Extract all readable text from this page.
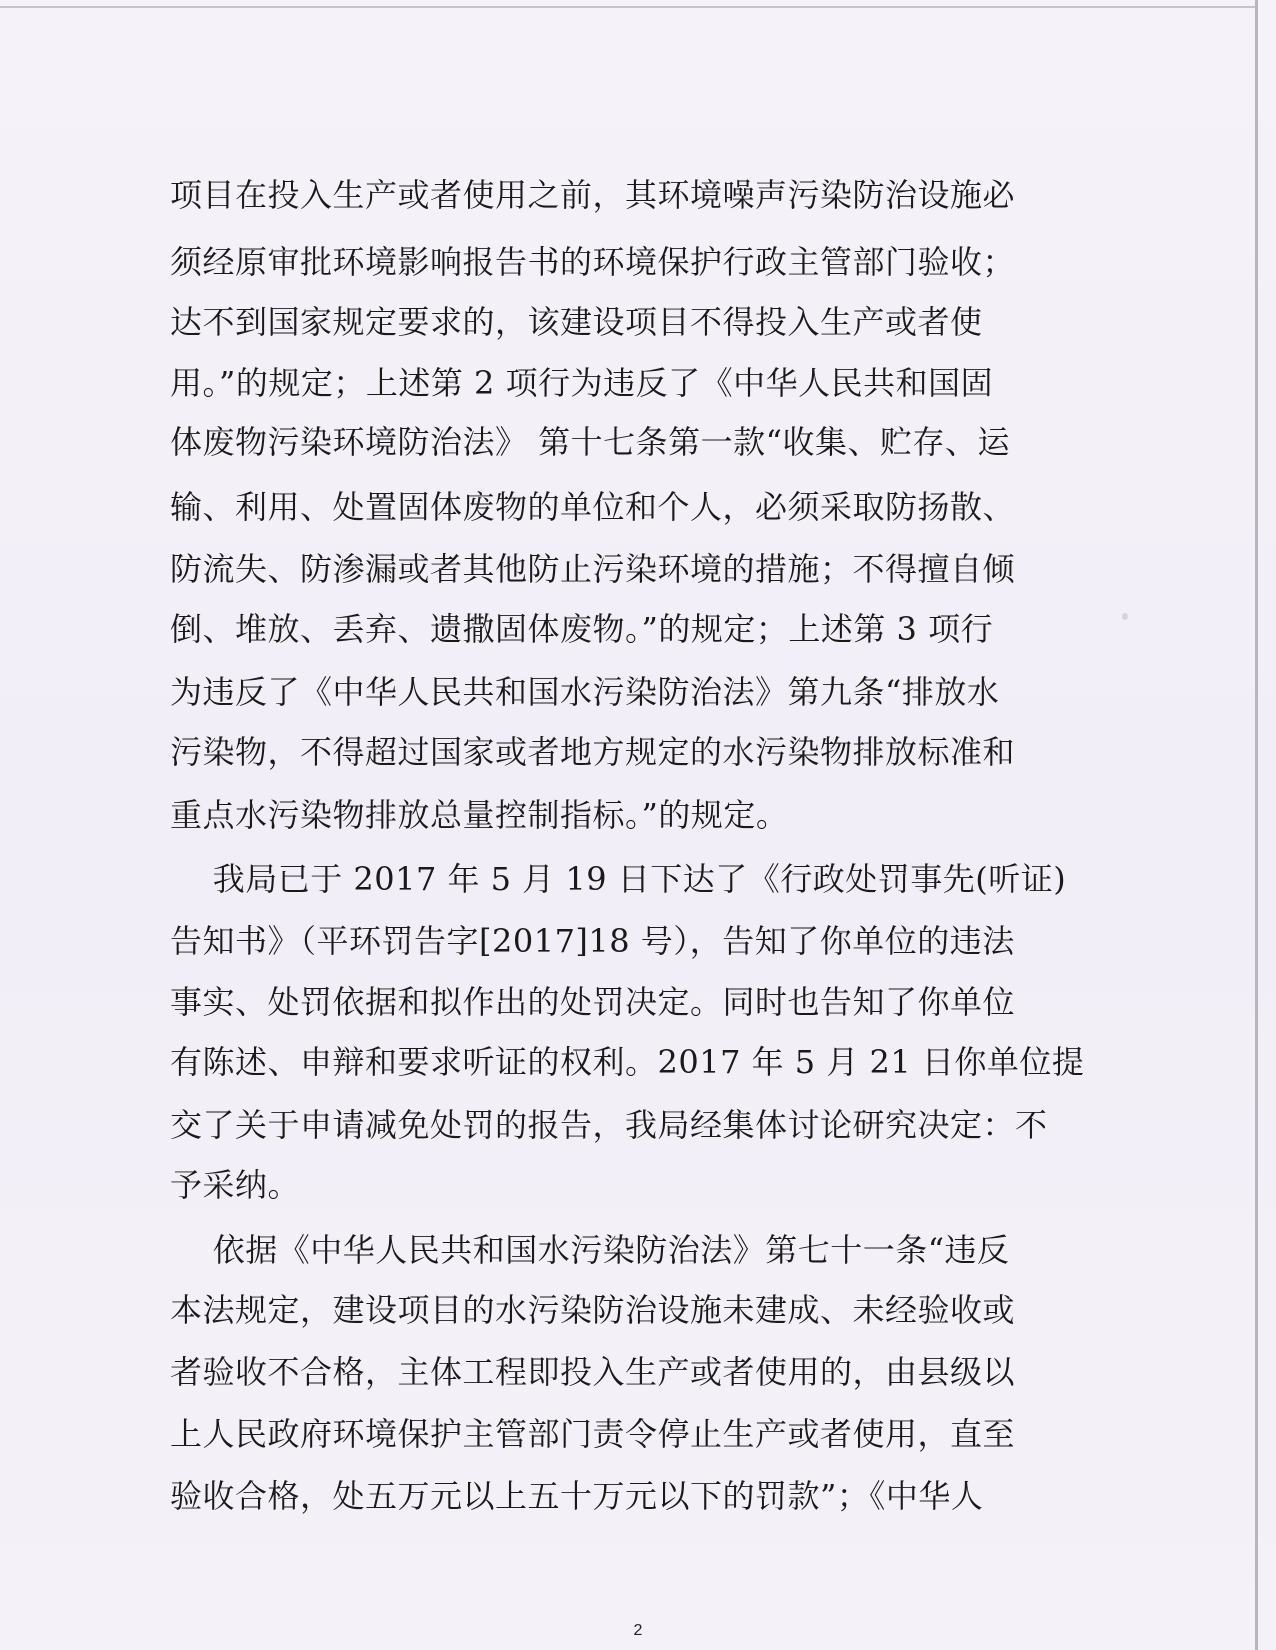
项目在投入生产或者使用之前，其环境噪声污染防治设施必
须经原审批环境影响报告书的环境保护行政主管部门验收；
达不到国家规定要求的，该建设项目不得投入生产或者使
用。”的规定；上述第 2 项行为违反了《中华人民共和国固
体废物污染环境防治法》 第十七条第一款“收集、贮存、运
输、利用、处置固体废物的单位和个人，必须采取防扬散、
防流失、防渗漏或者其他防止污染环境的措施；不得擅自倾
倒、堆放、丢弃、遗撒固体废物。”的规定；上述第 3 项行
为违反了《中华人民共和国水污染防治法》第九条“排放水
污染物，不得超过国家或者地方规定的水污染物排放标准和
重点水污染物排放总量控制指标。”的规定。
我局已于 2017 年 5 月 19 日下达了《行政处罚事先(听证)
告知书》（平环罚告字[2017]18 号），告知了你单位的违法
事实、处罚依据和拟作出的处罚决定。同时也告知了你单位
有陈述、申辩和要求听证的权利。2017 年 5 月 21 日你单位提
交了关于申请减免处罚的报告，我局经集体讨论研究决定：不
予采纳。
依据《中华人民共和国水污染防治法》第七十一条“违反
本法规定，建设项目的水污染防治设施未建成、未经验收或
者验收不合格，主体工程即投入生产或者使用的，由县级以
上人民政府环境保护主管部门责令停止生产或者使用，直至
验收合格，处五万元以上五十万元以下的罚款”；《中华人
2
